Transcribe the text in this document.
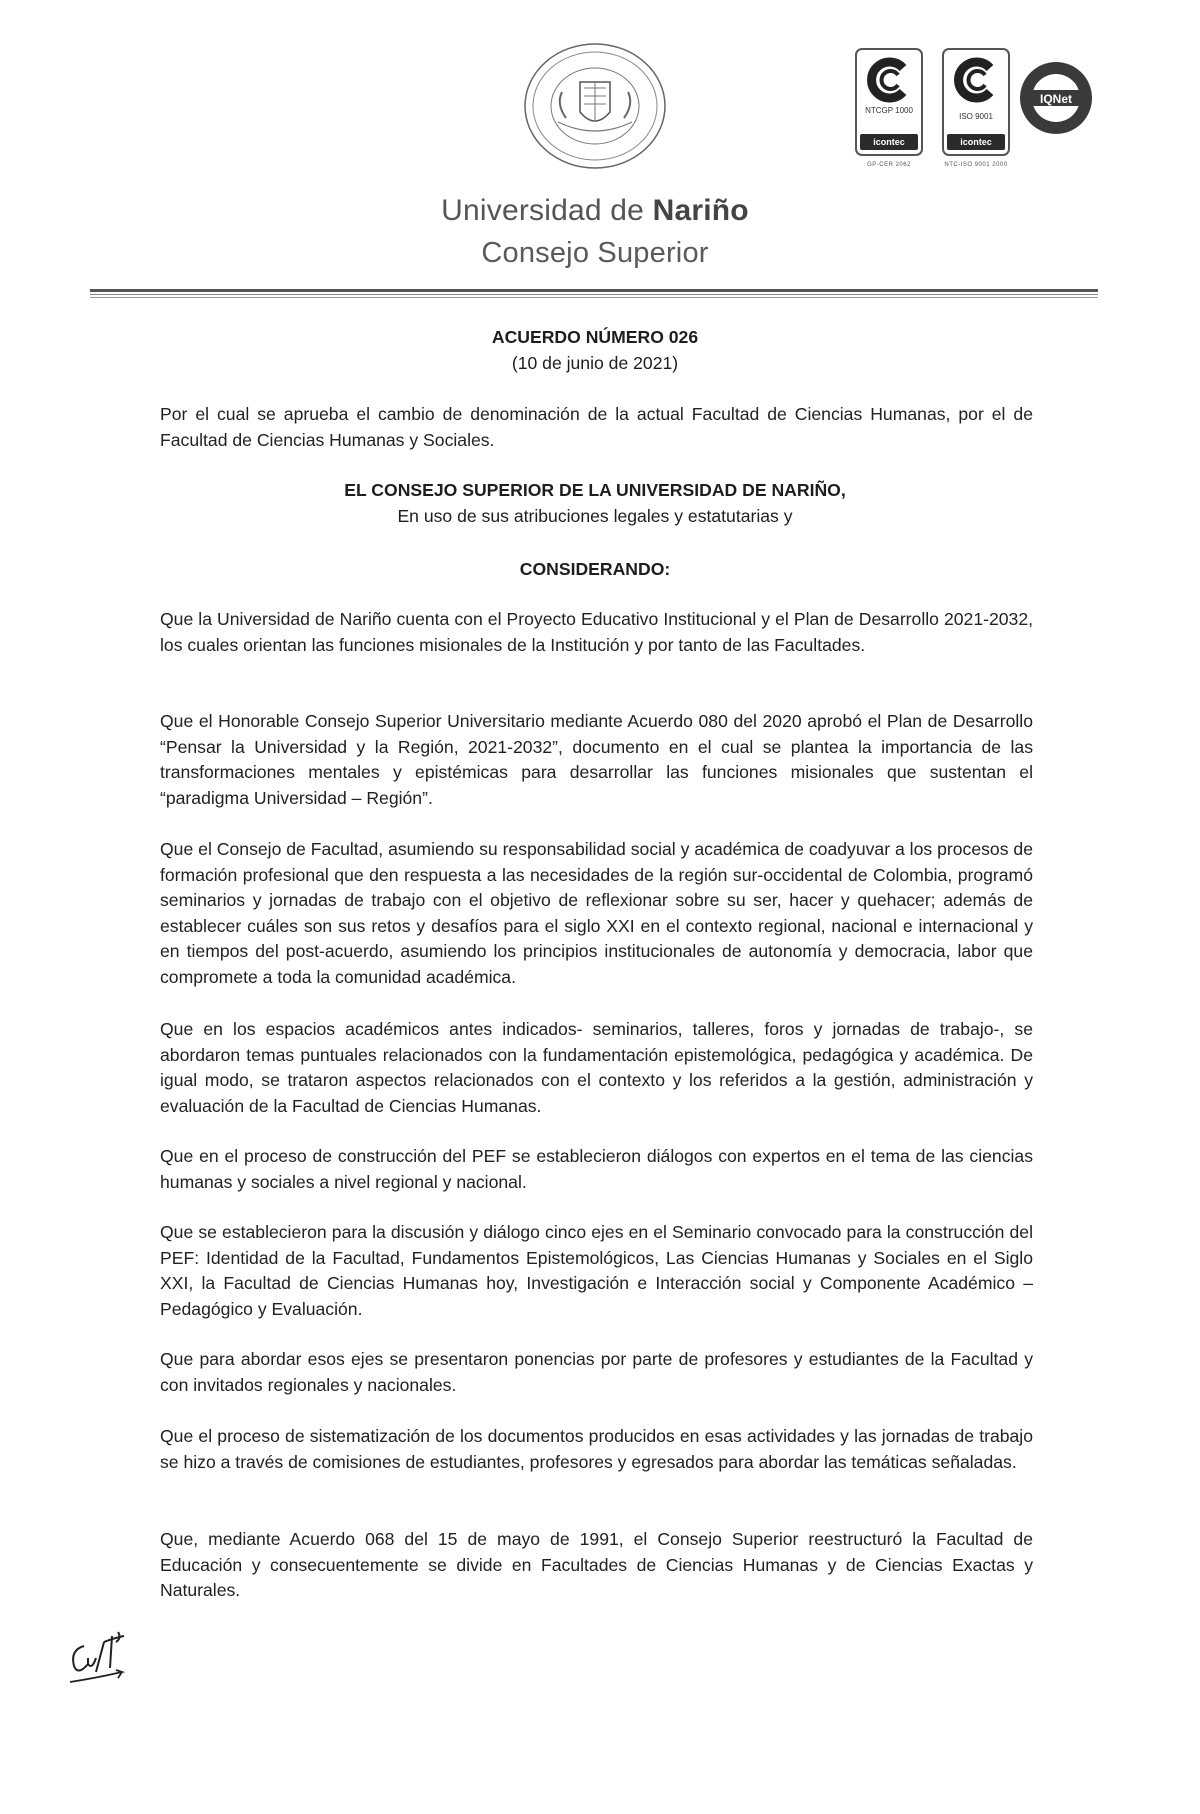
NTCGP 1000
icontec
GP-CER 2062
ISO 9001
icontec
NTC-ISO 9001 2000
IQNet
Universidad de Nariño
Consejo Superior
ACUERDO NÚMERO 026
(10 de junio de 2021)
Por el cual se aprueba el cambio de denominación de la actual Facultad de Ciencias Humanas, por el de Facultad de Ciencias Humanas y Sociales.
EL CONSEJO SUPERIOR DE LA UNIVERSIDAD DE NARIÑO,
En uso de sus atribuciones legales y estatutarias y
CONSIDERANDO:
Que la Universidad de Nariño cuenta con el Proyecto Educativo Institucional y el Plan de Desarrollo 2021-2032, los cuales orientan las funciones misionales de la Institución y por tanto de las Facultades.
Que el Honorable Consejo Superior Universitario mediante Acuerdo 080 del 2020 aprobó el Plan de Desarrollo “Pensar la Universidad y la Región, 2021-2032”, documento en el cual se plantea la importancia de las transformaciones mentales y epistémicas para desarrollar las funciones misionales que sustentan el “paradigma Universidad – Región”.
Que el Consejo de Facultad, asumiendo su responsabilidad social y académica de coadyuvar a los procesos de formación profesional que den respuesta a las necesidades de la región sur-occidental de Colombia, programó seminarios y jornadas de trabajo con el objetivo de reflexionar sobre su ser, hacer y quehacer; además de establecer cuáles son sus retos y desafíos para el siglo XXI en el contexto regional, nacional e internacional y en tiempos del post-acuerdo, asumiendo los principios institucionales de autonomía y democracia, labor que compromete a toda la comunidad académica.
Que en los espacios académicos antes indicados- seminarios, talleres, foros y jornadas de trabajo-, se abordaron temas puntuales relacionados con la fundamentación epistemológica, pedagógica y académica. De igual modo, se trataron aspectos relacionados con el contexto y los referidos a la gestión, administración y evaluación de la Facultad de Ciencias Humanas.
Que en el proceso de construcción del PEF se establecieron diálogos con expertos en el tema de las ciencias humanas y sociales a nivel regional y nacional.
Que se establecieron para la discusión y diálogo cinco ejes en el Seminario convocado para la construcción del PEF: Identidad de la Facultad, Fundamentos Epistemológicos, Las Ciencias Humanas y Sociales en el Siglo XXI, la Facultad de Ciencias Humanas hoy, Investigación e Interacción social y Componente Académico – Pedagógico y Evaluación.
Que para abordar esos ejes se presentaron ponencias por parte de profesores y estudiantes de la Facultad y con invitados regionales y nacionales.
Que el proceso de sistematización de los documentos producidos en esas actividades y las jornadas de trabajo se hizo a través de comisiones de estudiantes, profesores y egresados para abordar las temáticas señaladas.
Que, mediante Acuerdo 068 del 15 de mayo de 1991, el Consejo Superior reestructuró la Facultad de Educación y consecuentemente se divide en Facultades de Ciencias Humanas y de Ciencias Exactas y Naturales.
